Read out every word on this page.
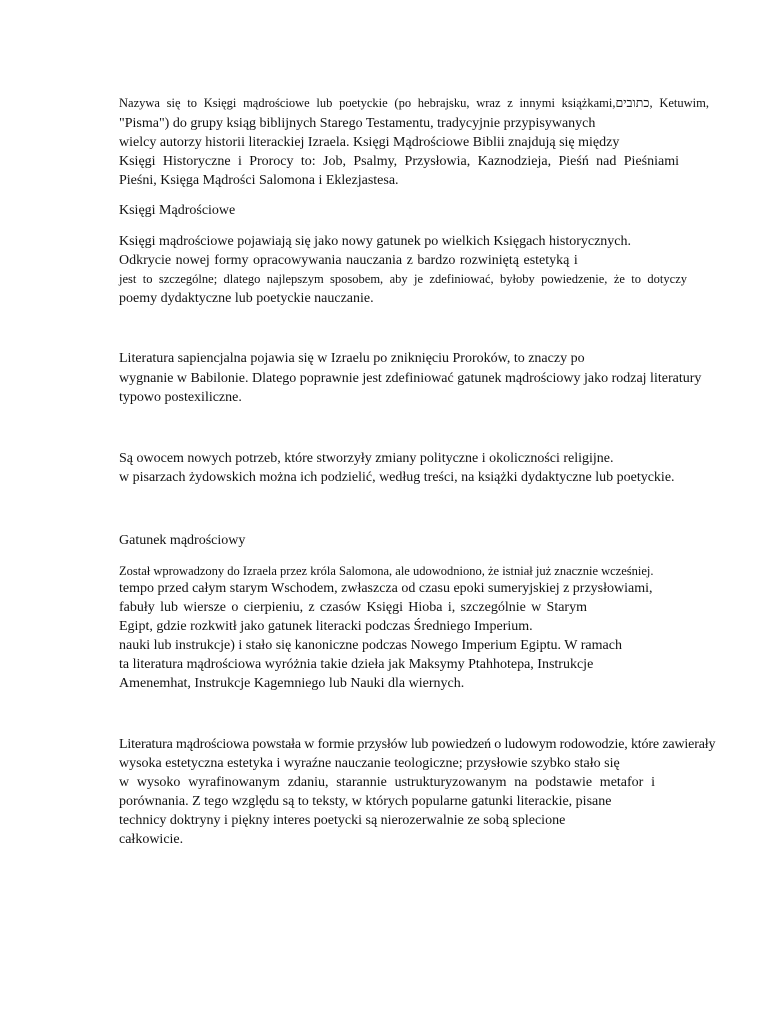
Nazywa się to Księgi mądrościowe lub poetyckie (po hebrajsku, wraz z innymi książkami,כתובים, Ketuwim,
"Pisma") do grupy ksiąg biblijnych Starego Testamentu, tradycyjnie przypisywanych
wielcy autorzy historii literackiej Izraela. Księgi Mądrościowe Biblii znajdują się między
Księgi Historyczne i Prorocy to: Job, Psalmy, Przysłowia, Kaznodzieja, Pieśń nad Pieśniami
Pieśni, Księga Mądrości Salomona i Eklezjastesa.
Księgi Mądrościowe
Księgi mądrościowe pojawiają się jako nowy gatunek po wielkich Księgach historycznych.
Odkrycie nowej formy opracowywania nauczania z bardzo rozwiniętą estetyką i
jest to szczególne; dlatego najlepszym sposobem, aby je zdefiniować, byłoby powiedzenie, że to dotyczy
poemy dydaktyczne lub poetyckie nauczanie.
Literatura sapiencjalna pojawia się w Izraelu po zniknięciu Proroków, to znaczy po
wygnanie w Babilonie. Dlatego poprawnie jest zdefiniować gatunek mądrościowy jako rodzaj literatury
typowo postexiliczne.
Są owocem nowych potrzeb, które stworzyły zmiany polityczne i okoliczności religijne.
w pisarzach żydowskich można ich podzielić, według treści, na książki dydaktyczne lub poetyckie.
Gatunek mądrościowy
Został wprowadzony do Izraela przez króla Salomona, ale udowodniono, że istniał już znacznie wcześniej.
tempo przed całym starym Wschodem, zwłaszcza od czasu epoki sumeryjskiej z przysłowiami,
fabuły lub wiersze o cierpieniu, z czasów Księgi Hioba i, szczególnie w Starym
Egipt, gdzie rozkwitł jako gatunek literacki podczas Średniego Imperium.
nauki lub instrukcje) i stało się kanoniczne podczas Nowego Imperium Egiptu. W ramach
ta literatura mądrościowa wyróżnia takie dzieła jak Maksymy Ptahhotepa, Instrukcje
Amenemhat, Instrukcje Kagemniego lub Nauki dla wiernych.
Literatura mądrościowa powstała w formie przysłów lub powiedzeń o ludowym rodowodzie, które zawierały
wysoka estetyczna estetyka i wyraźne nauczanie teologiczne; przysłowie szybko stało się
w wysoko wyrafinowanym zdaniu, starannie ustrukturyzowanym na podstawie metafor i
porównania. Z tego względu są to teksty, w których popularne gatunki literackie, pisane
technicy doktryny i piękny interes poetycki są nierozerwalnie ze sobą splecione
całkowicie.
